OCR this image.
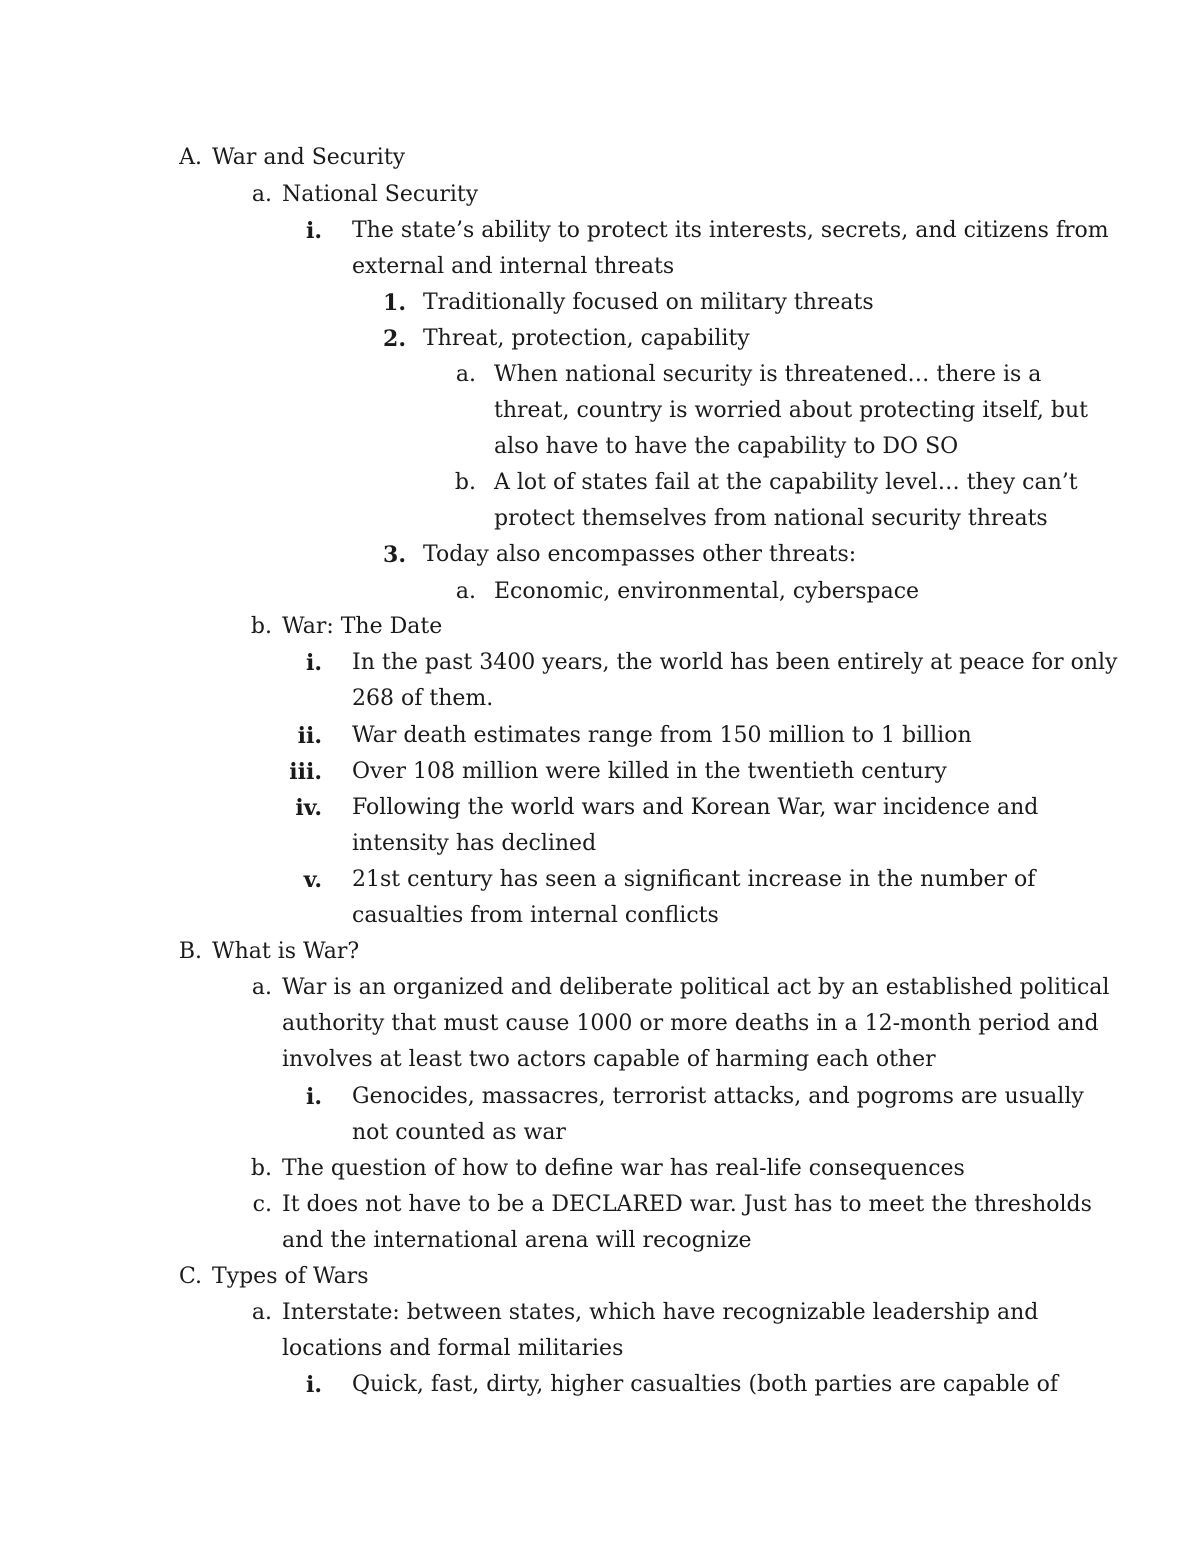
A. War and Security
a. National Security
i. The state’s ability to protect its interests, secrets, and citizens from
external and internal threats
1. Traditionally focused on military threats
2. Threat, protection, capability
a. When national security is threatened… there is a
threat, country is worried about protecting itself, but
also have to have the capability to DO SO
b. A lot of states fail at the capability level… they can’t
protect themselves from national security threats
3. Today also encompasses other threats:
a. Economic, environmental, cyberspace
b. War: The Date
i. In the past 3400 years, the world has been entirely at peace for only
268 of them.
ii. War death estimates range from 150 million to 1 billion
iii. Over 108 million were killed in the twentieth century
iv. Following the world wars and Korean War, war incidence and
intensity has declined
v. 21st century has seen a significant increase in the number of
casualties from internal conflicts
B. What is War?
a. War is an organized and deliberate political act by an established political
authority that must cause 1000 or more deaths in a 12-month period and
involves at least two actors capable of harming each other
i. Genocides, massacres, terrorist attacks, and pogroms are usually
not counted as war
b. The question of how to define war has real-life consequences
c. It does not have to be a DECLARED war. Just has to meet the thresholds
and the international arena will recognize
C. Types of Wars
a. Interstate: between states, which have recognizable leadership and
locations and formal militaries
i. Quick, fast, dirty, higher casualties (both parties are capable of
